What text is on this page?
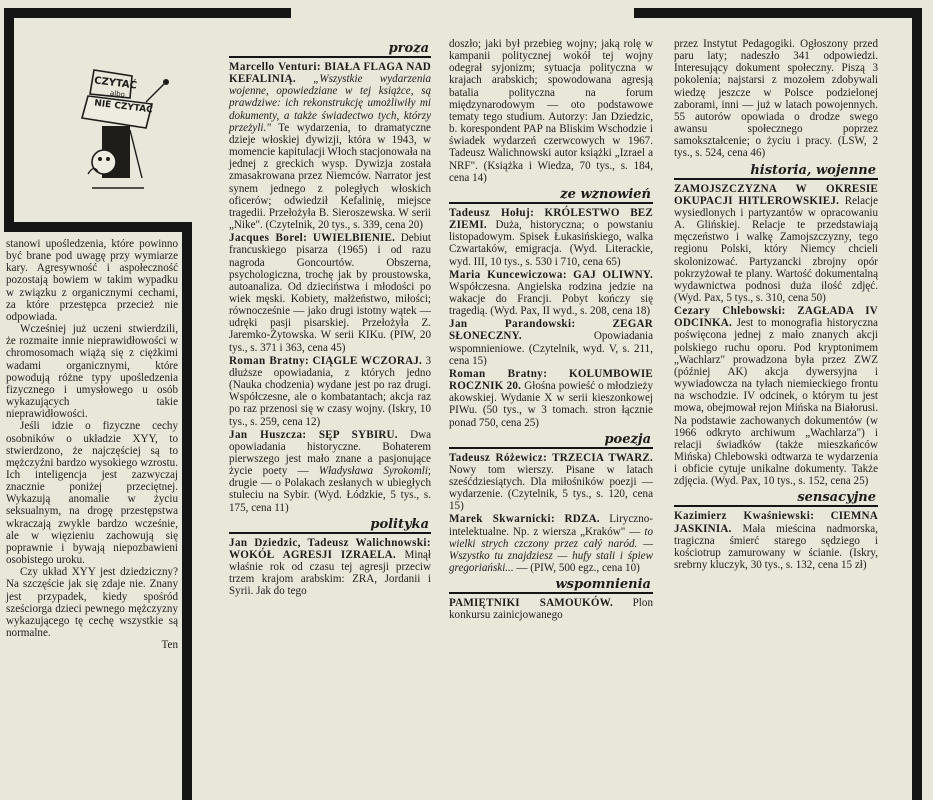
CZYTAĆ
albo
NIE CZYTAĆ

stanowi upośledzenia, które powinno być brane pod uwagę przy wymiarze kary. Agresywność i aspołeczność pozostają bowiem w takim wypadku w związku z organicznymi cechami, za które przestępca przecież nie odpowiada.

Wcześniej już uczeni stwierdzili, że rozmaite innie nieprawidłowości w chromosomach wiążą się z ciężkimi wadami organicznymi, które powodują różne typy upośledzenia fizycznego i umysłowego u osób wykazujących takie nieprawidłowości.

Jeśli idzie o fizyczne cechy osobników o układzie XYY, to stwierdzono, że najczęściej są to mężczyźni bardzo wysokiego wzrostu. Ich inteligencja jest zazwyczaj znacznie poniżej przeciętnej. Wykazują anomalie w życiu seksualnym, na drogę przestępstwa wkraczają zwykle bardzo wcześnie, ale w więzieniu zachowują się poprawnie i bywają niepozbawieni osobistego uroku.

Czy układ XYY jest dziedziczny? Na szczęście jak się zdaje nie. Znany jest przypadek, kiedy spośród sześciorga dzieci pewnego mężczyzny wykazującego tę cechę wszystkie są normalne.
Ten

proza

Marcello Venturi: BIAŁA FLAGA NAD KEFALINIĄ. „Wszystkie wydarzenia wojenne, opowiedziane w tej książce, są prawdziwe: ich rekonstrukcję umożliwiły mi dokumenty, a także świadectwo tych, którzy przeżyli." Te wydarzenia, to dramatyczne dzieje włoskiej dywizji, która w 1943, w momencie kapitulacji Włoch stacjonowała na jednej z greckich wysp. Dywizja została zmasakrowana przez Niemców. Narrator jest synem jednego z poległych włoskich oficerów; odwiedził Kefalinię, miejsce tragedii. Przełożyła B. Sieroszewska. W serii „Nike". (Czytelnik, 20 tys., s. 339, cena 20)

Jacques Borel: UWIELBIENIE. Debiut francuskiego pisarza (1965) i od razu nagroda Goncourtów. Obszerna, psychologiczna, trochę jak by proustowska, autoanaliza. Od dzieciństwa i młodości po wiek męski. Kobiety, małżeństwo, miłości; równocześnie — jako drugi istotny wątek — udręki pasji pisarskiej. Przełożyła Z. Jaremko-Żytowska. W serii KIKu. (PIW, 20 tys., s. 371 i 363, cena 45)

Roman Bratny: CIĄGLE WCZORAJ. 3 dłuższe opowiadania, z których jedno (Nauka chodzenia) wydane jest po raz drugi. Współczesne, ale o kombatantach; akcja raz po raz przenosi się w czasy wojny. (Iskry, 10 tys., s. 259, cena 12)

Jan Huszcza: SĘP SYBIRU. Dwa opowiadania historyczne. Bohaterem pierwszego jest mało znane a pasjonujące życie poety — Władysława Syrokomli; drugie — o Polakach zesłanych w ubiegłych stuleciu na Sybir. (Wyd. Łódzkie, 5 tys., s. 175, cena 11)

polityka

Jan Dziedzic, Tadeusz Walichnowski: WOKÓŁ AGRESJI IZRAELA. Minął właśnie rok od czasu tej agresji przeciw trzem krajom arabskim: ZRA, Jordanii i Syrii. Jak do tego

doszło; jaki był przebieg wojny; jaką rolę w kampanii politycznej wokół tej wojny odegrał syjonizm; sytuacja polityczna w krajach arabskich; spowodowana agresją batalia polityczna na forum międzynarodowym — oto podstawowe tematy tego studium. Autorzy: Jan Dziedzic, b. korespondent PAP na Bliskim Wschodzie i świadek wydarzeń czerwcowych w 1967. Tadeusz Walichnowski autor książki „Izrael a NRF". (Książka i Wiedza, 70 tys., s. 184, cena 14)

ze wznowień

Tadeusz Hołuj: KRÓLESTWO BEZ ZIEMI. Duża, historyczna; o powstaniu listopadowym. Spisek Łukasińskiego, walka Czwartaków, emigracja. (Wyd. Literackie, wyd. III, 10 tys., s. 530 i 710, cena 65)

Maria Kuncewiczowa: GAJ OLIWNY. Współczesna. Angielska rodzina jedzie na wakacje do Francji. Pobyt kończy się tragedią. (Wyd. Pax, II wyd., s. 208, cena 18)

Jan Parandowski:	ZEGAR SŁONECZNY.	Opowiadania wspomnieniowe. (Czytelnik, wyd. V, s. 211, cena 15)

Roman Bratny: KOLUMBOWIE ROCZNIK 20. Głośna powieść o młodzieży akowskiej. Wydanie X w serii kieszonkowej PIWu. (50 tys., w 3 tomach. stron łącznie ponad 750, cena 25)

poezja

Tadeusz Różewicz: TRZECIA TWARZ. Nowy tom wierszy. Pisane w latach sześćdziesiątych. Dla miłośników poezji — wydarzenie. (Czytelnik, 5 tys., s. 120, cena 15)

Marek Skwarnicki: RDZA. Liryczno-intelektualne. Np. z wiersza „Kraków" — to wielki strych czczony przez całý naród. — Wszystko tu znajdziesz — hufy stali i śpiew gregoriański... — (PIW, 500 egz., cena 10)

wspomnienia

PAMIĘTNIKI SAMOUKÓW. Plon konkursu zainicjowanego

przez Instytut Pedagogiki. Ogłoszony przed paru laty; nadeszło 341 odpowiedzi. Interesujący dokument społeczny. Piszą 3 pokolenia; najstarsi z mozołem zdobywali wiedzę jeszcze w Polsce podzielonej zaborami, inni — już w latach powojennych. 55 autorów opowiada o drodze swego awansu społecznego poprzez samokształcenie; o życiu i pracy. (LSW, 2 tys., s. 524, cena 46)

historia, wojenne

ZAMOJSZCZYZNA W OKRESIE OKUPACJI HITLEROWSKIEJ. Relacje wysiedlonych i partyzantów w opracowaniu A. Glińskiej. Relacje te przedstawiają męczeństwo i walkę Zamojszczyzny, tego regionu Polski, który Niemcy chcieli skolonizować. Partyzancki zbrojny opór pokrzyżował te plany. Wartość dokumentalną wydawnictwa podnosi duża ilość zdjęć. (Wyd. Pax, 5 tys., s. 310, cena 50)

Cezary Chlebowski: ZAGŁADA IV ODCINKA. Jest to monografia historyczna poświęcona jednej z mało znanych akcji polskiego ruchu oporu. Pod kryptonimem „Wachlarz" prowadzona była przez ZWZ (później AK) akcja dywersyjna i wywiadowcza na tyłach niemieckiego frontu na wschodzie. IV odcinek, o którym tu jest mowa, obejmował rejon Mińska na Białorusi. Na podstawie zachowanych dokumentów (w 1966 odkryto archiwum „Wachlarza") i relacji świadków (także mieszkańców Mińska) Chlebowski odtwarza te wydarzenia i obficie cytuje unikalne dokumenty. Także zdjęcia. (Wyd. Pax, 10 tys., s. 152, cena 25)

sensacyjne

Kazimierz Kwaśniewski: CIEMNA JASKINIA. Mała mieścina nadmorska, tragiczna śmierć starego sędziego i kościotrup zamurowany w ścianie. (Iskry, srebrny kluczyk, 30 tys., s. 132, cena 15 zł)
